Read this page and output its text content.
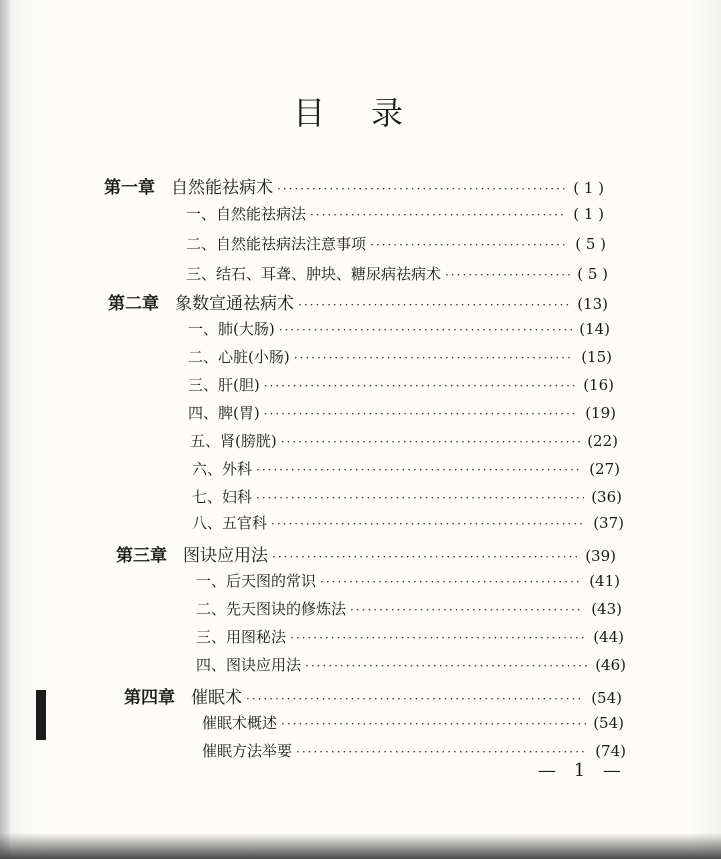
目录
第一章 自然能祛病术 ·····	( 1 )
一、自然能祛病法 ·····	( 1 )
二、自然能祛病法注意事项 ·····	( 5 )
三、结石、耳聋、肿块、糖尿病祛病术 ·····	( 5 )
第二章 象数宣通祛病术 ·····	(13)
一、肺(大肠) ·····	(14)
二、心脏(小肠) ·····	(15)
三、肝(胆) ·····	(16)
四、脾(胃) ·····	(19)
五、肾(膀胱) ·····	(22)
六、外科 ·····	(27)
七、妇科 ·····	(36)
八、五官科 ·····	(37)
第三章 图诀应用法 ·····	(39)
一、后天图的常识 ·····	(41)
二、先天图诀的修炼法 ·····	(43)
三、用图秘法 ·····	(44)
四、图诀应用法 ·····	(46)
第四章 催眠术 ·····	(54)
催眠术概述 ·····	(54)
催眠方法举要 ·····	(74)
— 1 —
